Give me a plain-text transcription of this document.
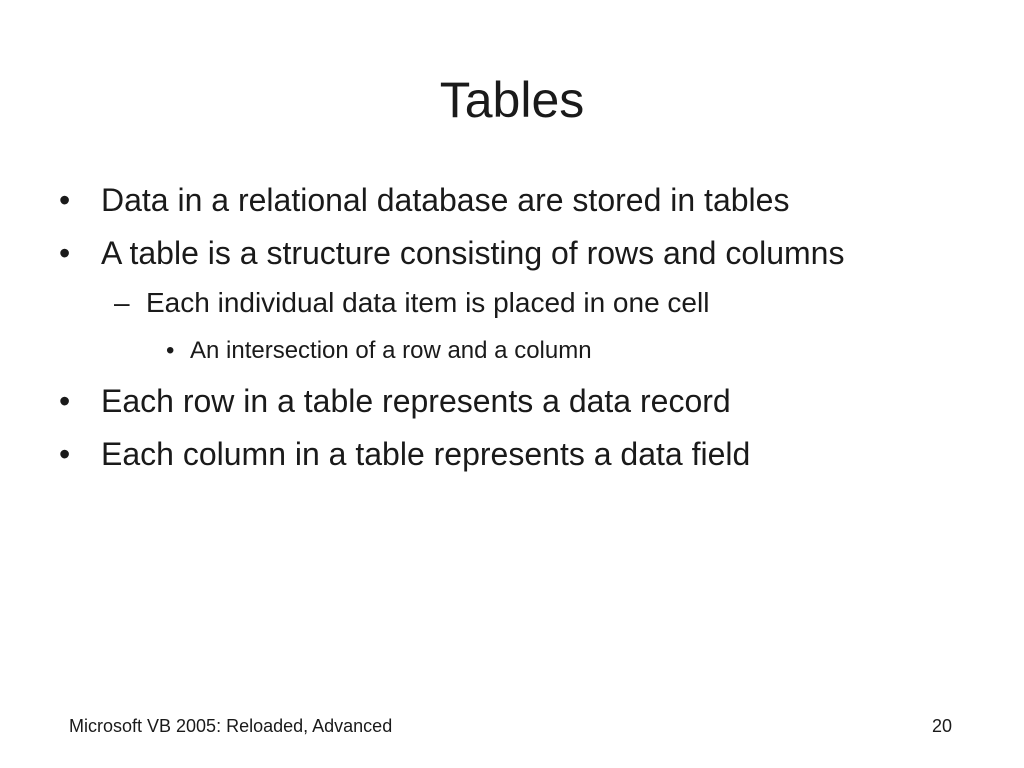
Tables
• Data in a relational database are stored in tables
• A table is a structure consisting of rows and columns
– Each individual data item is placed in one cell
• An intersection of a row and a column
• Each row in a table represents a data record
• Each column in a table represents a data field
Microsoft VB 2005: Reloaded, Advanced	20
